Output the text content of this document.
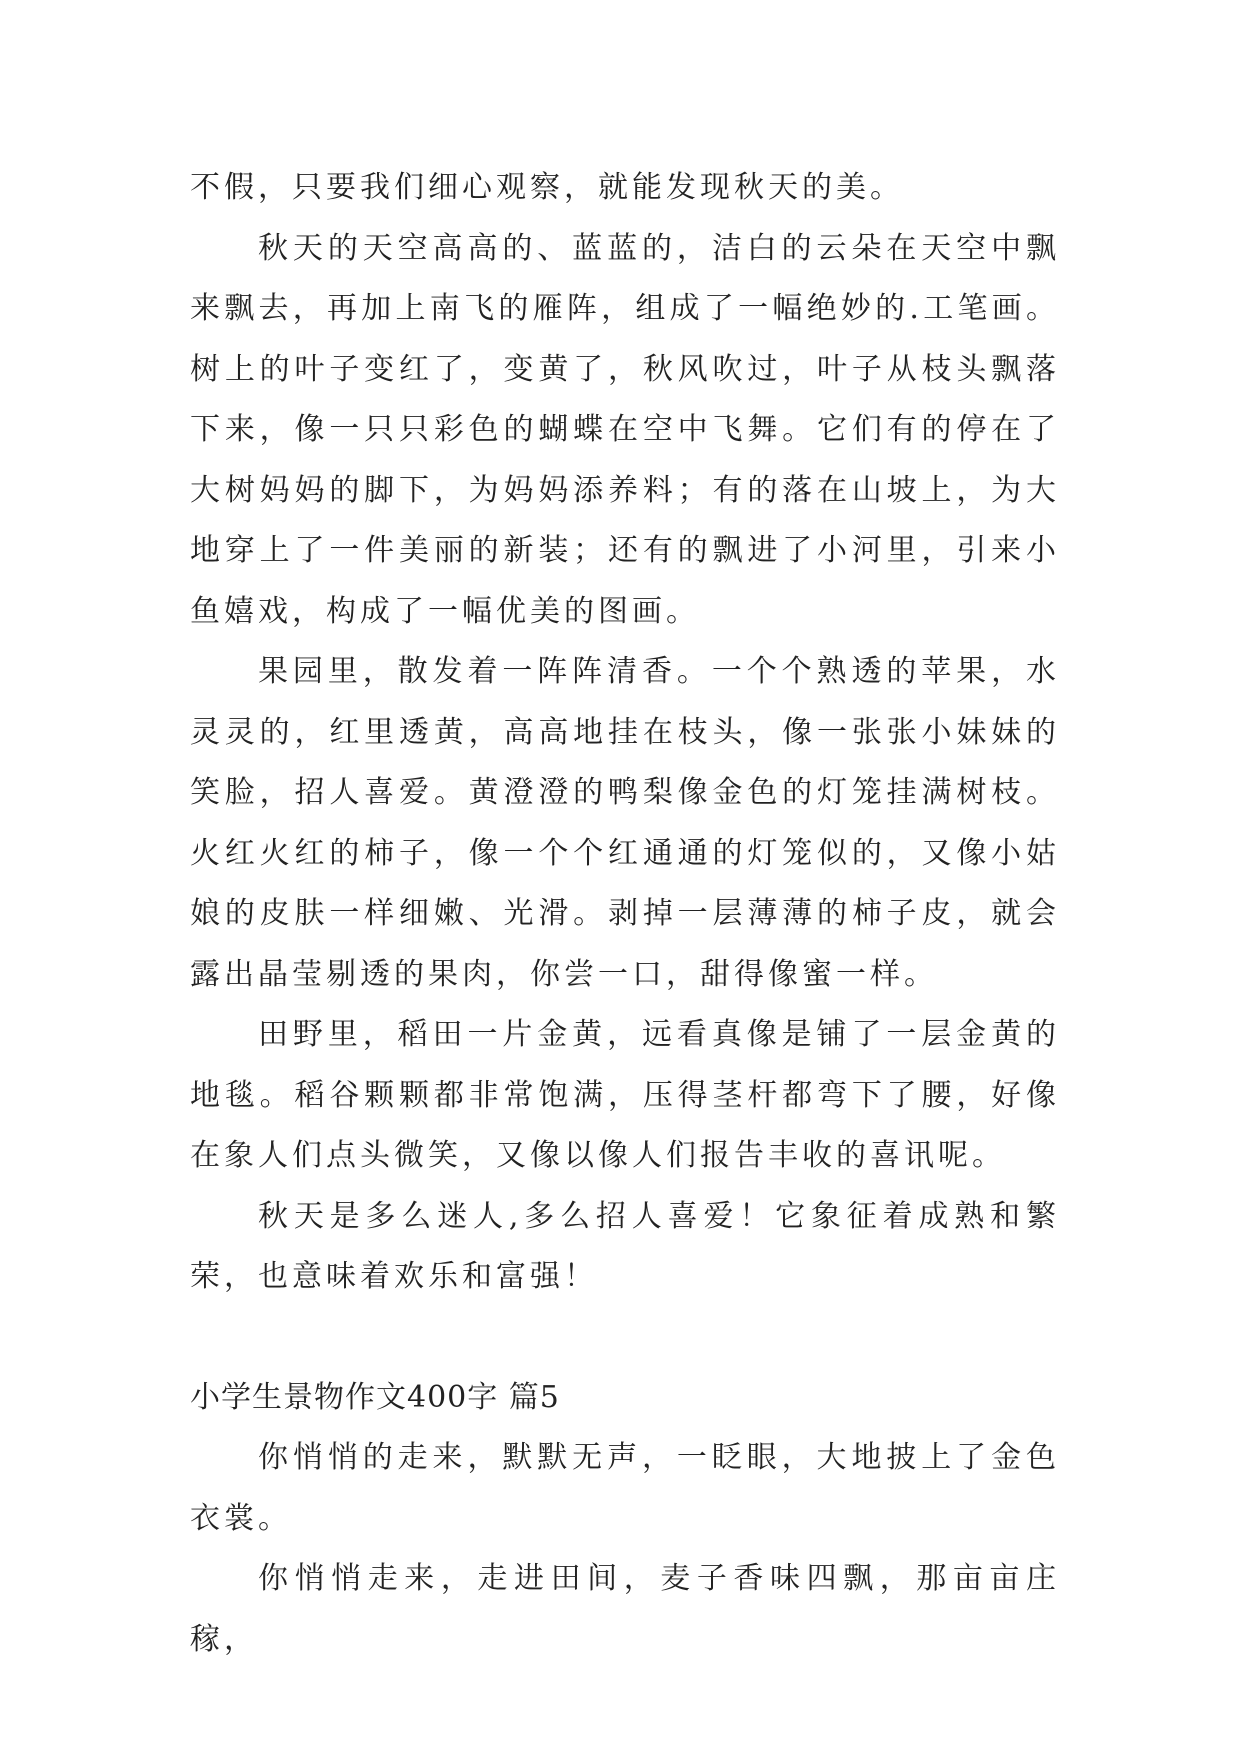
不假，只要我们细心观察，就能发现秋天的美。

秋天的天空高高的、蓝蓝的，洁白的云朵在天空中飘来飘去，再加上南飞的雁阵，组成了一幅绝妙的.工笔画。树上的叶子变红了，变黄了，秋风吹过，叶子从枝头飘落下来，像一只只彩色的蝴蝶在空中飞舞。它们有的停在了大树妈妈的脚下，为妈妈添养料；有的落在山坡上，为大地穿上了一件美丽的新装；还有的飘进了小河里，引来小鱼嬉戏，构成了一幅优美的图画。

果园里，散发着一阵阵清香。一个个熟透的苹果，水灵灵的，红里透黄，高高地挂在枝头，像一张张小妹妹的笑脸，招人喜爱。黄澄澄的鸭梨像金色的灯笼挂满树枝。火红火红的柿子，像一个个红通通的灯笼似的，又像小姑娘的皮肤一样细嫩、光滑。剥掉一层薄薄的柿子皮，就会露出晶莹剔透的果肉，你尝一口，甜得像蜜一样。

田野里，稻田一片金黄，远看真像是铺了一层金黄的地毯。稻谷颗颗都非常饱满，压得茎杆都弯下了腰，好像在象人们点头微笑，又像以像人们报告丰收的喜讯呢。

秋天是多么迷人,多么招人喜爱！它象征着成熟和繁荣，也意味着欢乐和富强！

小学生景物作文400字 篇5

你悄悄的走来，默默无声，一眨眼，大地披上了金色衣裳。

你悄悄走来，走进田间，麦子香味四飘，那亩亩庄稼，
